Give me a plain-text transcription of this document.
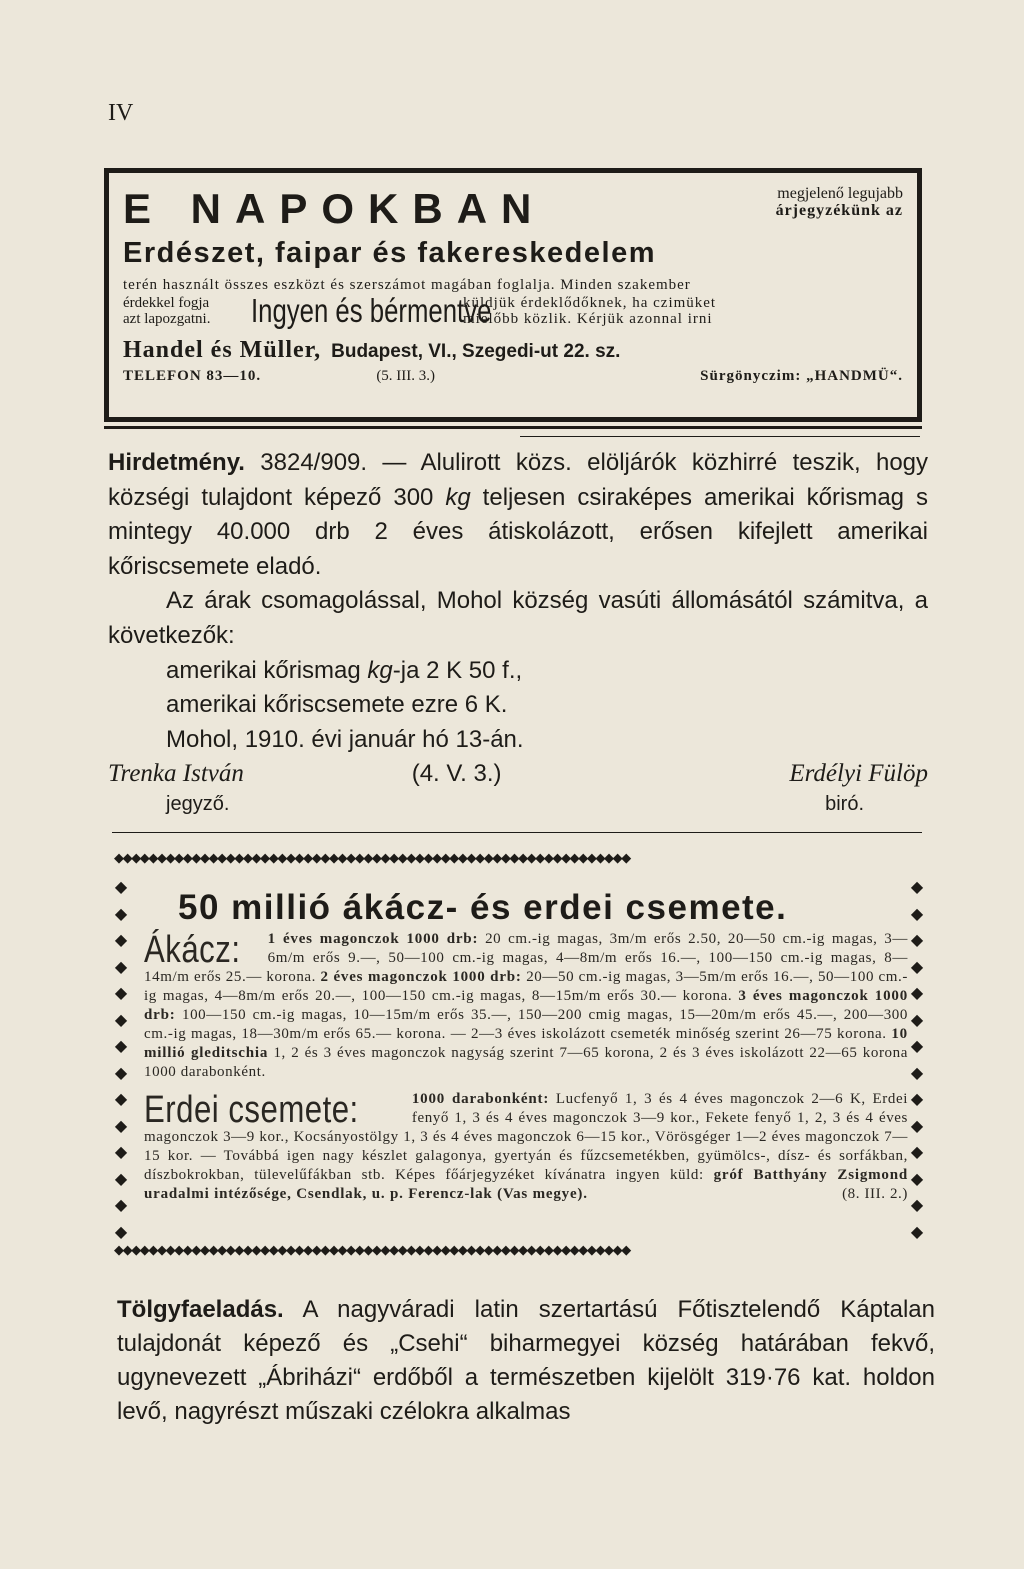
IV
E NAPOKBAN	megjelenő legujabb
árjegyzékünk az
Erdészet, faipar és fakereskedelem
terén használt összes eszközt és szerszámot magában foglalja. Minden szakember
érdekkel fogja
azt lapozgatni.	Ingyen és bérmentve
küldjük érdeklődőknek, ha czimüket
mielőbb közlik. Kérjük azonnal irni
Handel és Müller, Budapest, VI., Szegedi-ut 22. sz.
TELEFON 83—10.	(5. III. 3.)	Sürgönyczim: „HANDMÜ“.
Hirdetmény. 3824/909. — Alulirott közs. elöljárók közhirré teszik, hogy községi tulajdont képező 300 kg teljesen csiraképes amerikai kőrismag s mintegy 40.000 drb 2 éves átiskolázott, erősen kifejlett amerikai kőriscsemete eladó.
Az árak csomagolással, Mohol község vasúti állomásától számitva, a következők:
amerikai kőrismag kg-ja 2 K 50 f.,
amerikai kőriscsemete ezre 6 K.
Mohol, 1910. évi január hó 13-án.
Trenka István	(4. V. 3.)	Erdélyi Fülöp
jegyző.	biró.
◆◆◆◆◆◆◆◆◆◆◆◆◆◆◆◆◆◆◆◆◆◆◆◆◆◆◆◆◆◆◆◆◆◆◆◆◆◆◆◆◆◆◆◆◆◆◆◆◆◆◆◆◆◆◆◆◆◆◆◆
◆◆◆◆◆◆◆◆◆◆◆◆◆◆◆◆◆◆◆◆◆◆◆◆◆◆◆◆◆◆◆◆◆◆◆◆◆◆◆◆◆◆◆◆◆◆◆◆◆◆◆◆◆◆◆◆◆◆◆◆
◆
◆
◆
◆
◆
◆
◆
◆
◆
◆
◆
◆
◆
◆
◆
◆
◆
◆
◆
◆
◆
◆
◆
◆
◆
◆
◆
◆
50 millió ákácz- és erdei csemete.
Ákácz: 1 éves magonczok 1000 drb: 20 cm.-ig magas, 3m/m erős 2.50, 20—50 cm.-ig magas, 3—6m/m erős 9.—, 50—100 cm.-ig magas, 4—8m/m erős 16.—, 100—150 cm.-ig magas, 8—14m/m erős 25.— korona. 2 éves magonczok 1000 drb: 20—50 cm.-ig magas, 3—5m/m erős 16.—, 50—100 cm.-ig magas, 4—8m/m erős 20.—, 100—150 cm.-ig magas, 8—15m/m erős 30.— korona. 3 éves magonczok 1000 drb: 100—150 cm.-ig magas, 10—15m/m erős 35.—, 150—200 cmig magas, 15—20m/m erős 45.—, 200—300 cm.-ig magas, 18—30m/m erős 65.— korona. — 2—3 éves iskolázott csemeték minőség szerint 26—75 korona. 10 millió gleditschia 1, 2 és 3 éves magonczok nagyság szerint 7—65 korona, 2 és 3 éves iskolázott 22—65 korona 1000 darabonként.
Erdei csemete:	1000 darabonként: Lucfenyő 1, 3 és 4 éves magonczok 2—6 K, Erdei fenyő 1, 3 és 4 éves magonczok 3—9 kor., Fekete fenyő 1, 2, 3 és 4 éves magonczok 3—9 kor., Kocsányostölgy 1, 3 és 4 éves magonczok 6—15 kor., Vörösgéger 1—2 éves magonczok 7—15 kor. — Továbbá igen nagy készlet galagonya, gyertyán és fűzcsemetékben, gyümölcs-, dísz- és sorfákban, díszbokrokban, tülevelűfákban stb. Képes főárjegyzéket kívánatra ingyen küld: gróf Batthyány Zsigmond uradalmi intézősége, Csendlak, u. p. Ferencz-lak (Vas megye).	(8. III. 2.)
Tölgyfaeladás. A nagyváradi latin szertartású Főtisztelendő Káptalan tulajdonát képező és „Csehi“ biharmegyei község határában fekvő, ugynevezett „Ábriházi“ erdőből a természetben kijelölt 319·76 kat. holdon levő, nagyrészt műszaki czélokra alkalmas
